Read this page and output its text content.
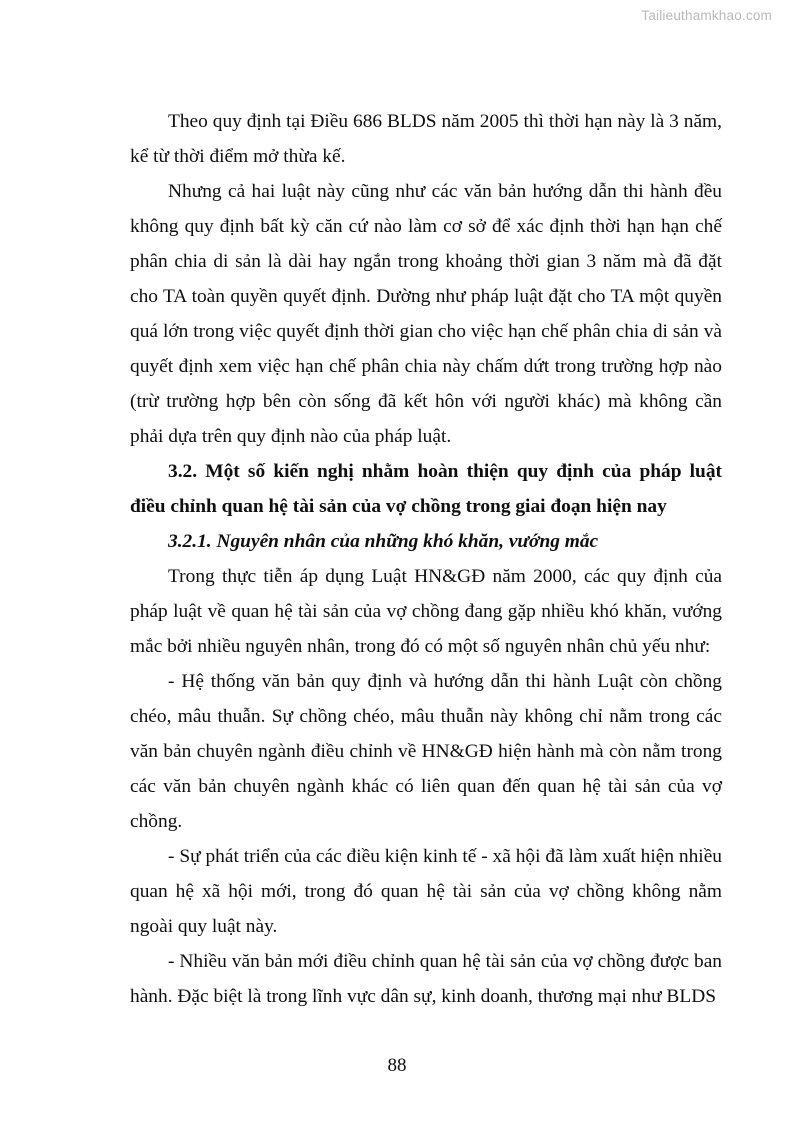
Tailieuthamkhao.com

Theo quy định tại Điều 686 BLDS năm 2005 thì thời hạn này là 3 năm, kể từ thời điểm mở thừa kế.

Nhưng cả hai luật này cũng như các văn bản hướng dẫn thi hành đều không quy định bất kỳ căn cứ nào làm cơ sở để xác định thời hạn hạn chế phân chia di sản là dài hay ngắn trong khoảng thời gian 3 năm mà đã đặt cho TA toàn quyền quyết định. Dường như pháp luật đặt cho TA một quyền quá lớn trong việc quyết định thời gian cho việc hạn chế phân chia di sản và quyết định xem việc hạn chế phân chia này chấm dứt trong trường hợp nào (trừ trường hợp bên còn sống đã kết hôn với người khác) mà không cần phải dựa trên quy định nào của pháp luật.

3.2. Một số kiến nghị nhằm hoàn thiện quy định của pháp luật điều chỉnh quan hệ tài sản của vợ chồng trong giai đoạn hiện nay

3.2.1. Nguyên nhân của những khó khăn, vướng mắc

Trong thực tiễn áp dụng Luật HN&GĐ năm 2000, các quy định của pháp luật về quan hệ tài sản của vợ chồng đang gặp nhiều khó khăn, vướng mắc bởi nhiều nguyên nhân, trong đó có một số nguyên nhân chủ yếu như:

- Hệ thống văn bản quy định và hướng dẫn thi hành Luật còn chồng chéo, mâu thuẫn. Sự chồng chéo, mâu thuẫn này không chỉ nằm trong các văn bản chuyên ngành điều chỉnh về HN&GĐ hiện hành mà còn nằm trong các văn bản chuyên ngành khác có liên quan đến quan hệ tài sản của vợ chồng.

- Sự phát triển của các điều kiện kinh tế - xã hội đã làm xuất hiện nhiều quan hệ xã hội mới, trong đó quan hệ tài sản của vợ chồng không nằm ngoài quy luật này.

- Nhiều văn bản mới điều chỉnh quan hệ tài sản của vợ chồng được ban hành. Đặc biệt là trong lĩnh vực dân sự, kinh doanh, thương mại như BLDS

88
